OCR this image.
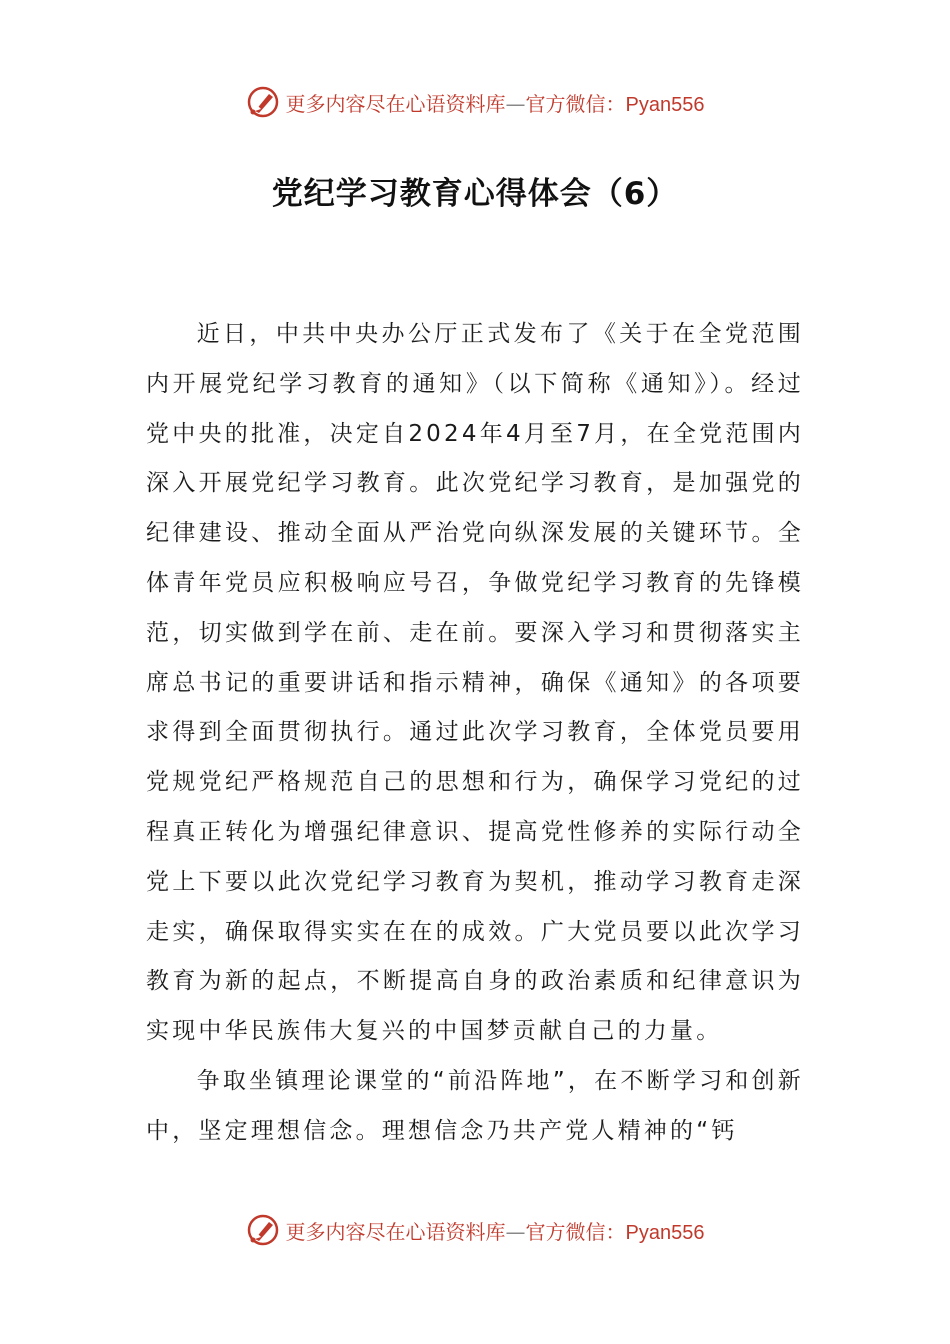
更多内容尽在心语资料库 — 官方微信：Pyan556
党纪学习教育心得体会（6）

近日，中共中央办公厅正式发布了《关于在全党范围内开展党纪学习教育的通知》（以下简称《通知》）。经过党中央的批准，决定自2024年4月至7月，在全党范围内深入开展党纪学习教育。此次党纪学习教育，是加强党的纪律建设、推动全面从严治党向纵深发展的关键环节。全体青年党员应积极响应号召，争做党纪学习教育的先锋模范，切实做到学在前、走在前。要深入学习和贯彻落实主席总书记的重要讲话和指示精神，确保《通知》的各项要求得到全面贯彻执行。通过此次学习教育，全体党员要用党规党纪严格规范自己的思想和行为，确保学习党纪的过程真正转化为增强纪律意识、提高党性修养的实际行动全党上下要以此次党纪学习教育为契机，推动学习教育走深走实，确保取得实实在在的成效。广大党员要以此次学习教育为新的起点，不断提高自身的政治素质和纪律意识为实现中华民族伟大复兴的中国梦贡献自己的力量。

争取坐镇理论课堂的“前沿阵地”，在不断学习和创新中，坚定理想信念。理想信念乃共产党人精神的“钙

更多内容尽在心语资料库 — 官方微信：Pyan556
